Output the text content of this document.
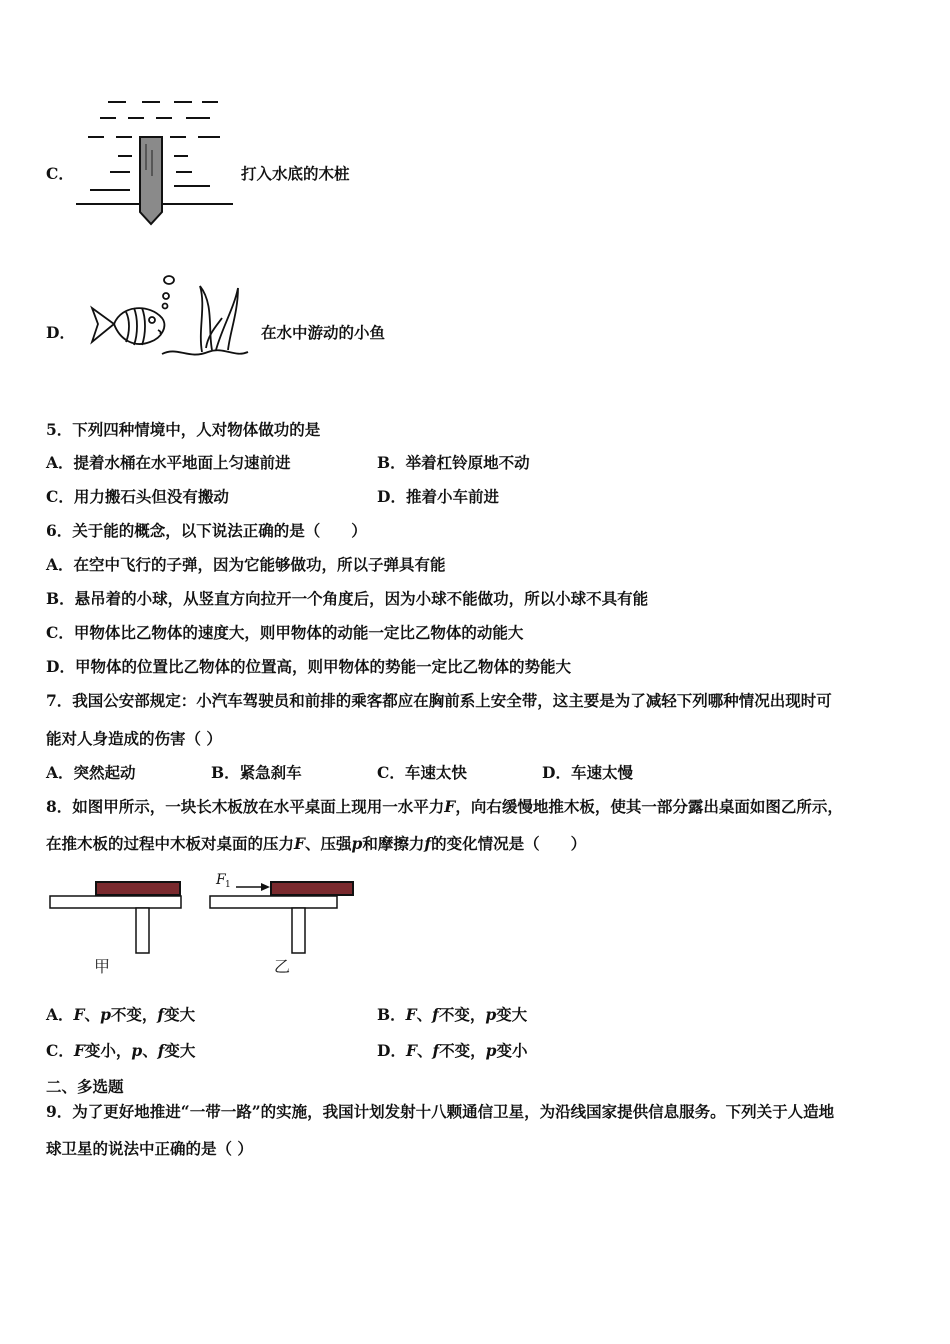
C．	打入水底的木桩
D．	在水中游动的小鱼
5．下列四种情境中，人对物体做功的是
A．提着水桶在水平地面上匀速前进	B．举着杠铃原地不动
C．用力搬石头但没有搬动	D．推着小车前进
6．关于能的概念，以下说法正确的是（　　）
A．在空中飞行的子弹，因为它能够做功，所以子弹具有能
B．悬吊着的小球，从竖直方向拉开一个角度后，因为小球不能做功，所以小球不具有能
C．甲物体比乙物体的速度大，则甲物体的动能一定比乙物体的动能大
D．甲物体的位置比乙物体的位置高，则甲物体的势能一定比乙物体的势能大
7．我国公安部规定：小汽车驾驶员和前排的乘客都应在胸前系上安全带，这主要是为了减轻下列哪种情况出现时可
能对人身造成的伤害（ ）
A．突然起动	B．紧急刹车	C．车速太快	D．车速太慢
8．如图甲所示，一块长木板放在水平桌面上现用一水平力F，向右缓慢地推木板，使其一部分露出桌面如图乙所示，
在推木板的过程中木板对桌面的压力F、压强p和摩擦力f的变化情况是（　　）
甲
F 1
乙
A．F、p不变，f变大	B．F、f不变，p变大
C．F变小，p、f变大	D．F、f不变，p变小
二、多选题
9．为了更好地推进“一带一路”的实施，我国计划发射十八颗通信卫星，为沿线国家提供信息服务。下列关于人造地
球卫星的说法中正确的是（ ）
